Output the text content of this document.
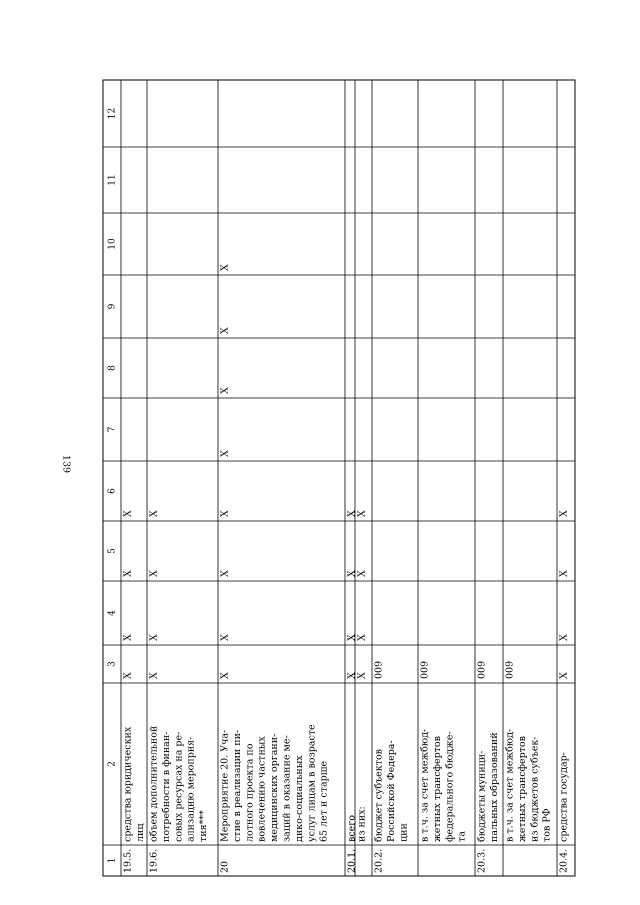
139
1
2
3
4
5
6
7
8
9
10
11
12
19.5.
средства юридических лиц
Х
Х
Х
Х
19.6.
объем дополнительной потребности в финан- совых ресурсах на ре- ализацию мероприя- тия***
Х
Х
Х
Х
20
Мероприятие 20. Уча- стие в реализации пи- лотного проекта по вовлечению частных медицинских органи- заций в оказание ме- дико-социальных услуг лицам в возрасте 65 лет и старше
Х
Х
Х
Х
Х
Х
Х
Х
20.1.
всего
Х
Х
Х
Х
из них:
Х
Х
Х
Х
20.2.
бюджет субъектов Российской Федера- ции
009
в т.ч. за счет межбюд- жетных трансфертов федерального бюдже- та
009
20.3.
бюджеты муници- пальных образований
009
в т.ч. за счет межбюд- жетных трансфертов из бюджетов субъек- тов РФ
009
20.4.
средства государ-
Х
Х
Х
Х
